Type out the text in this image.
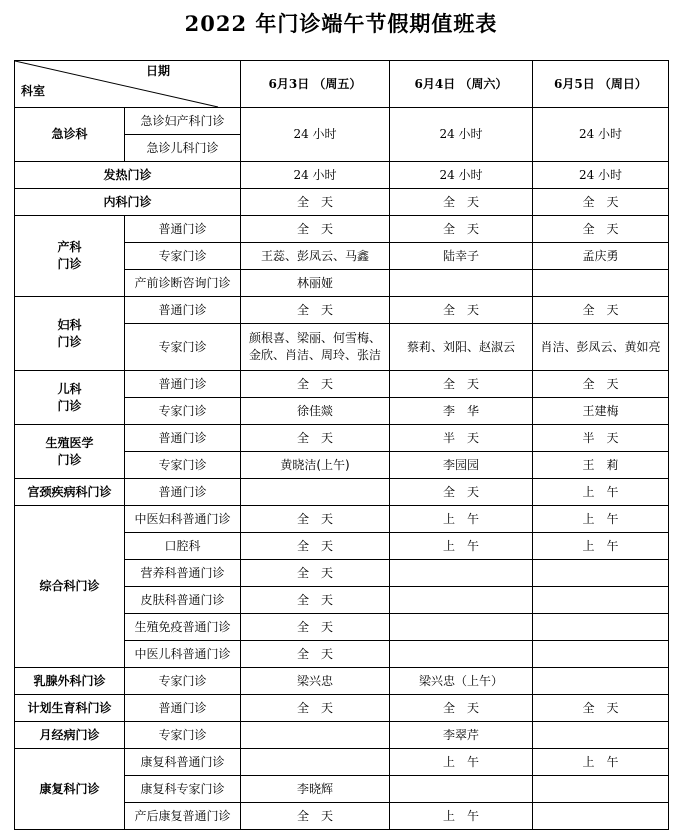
2022 年门诊端午节假期值班表
日期
科室		6月3日 （周五）	6月4日 （周六）	6月5日 （周日）
急诊科	急诊妇产科门诊	24 小时	24 小时	24 小时
	急诊儿科门诊			
发热门诊		24 小时	24 小时	24 小时
内科门诊		全　天	全　天	全　天

产科
门诊	普通门诊	全　天	全　天	全　天
	专家门诊	王蕊、彭凤云、马鑫	陆幸子	孟庆勇
	产前诊断咨询门诊	林丽娅		

妇科
门诊	普通门诊	全　天	全　天	全　天
	专家门诊	颜根喜、梁丽、何雪梅、
金欣、肖洁、周玲、张洁	蔡莉、刘阳、赵淑云	肖洁、彭凤云、黄如亮

儿科
门诊	普通门诊	全　天	全　天	全　天
	专家门诊	徐佳燚	李　华	王建梅

生殖医学
门诊	普通门诊	全　天	半　天	半　天
	专家门诊	黄晓洁(上午)	李园园	王　莉
宫颈疾病科门诊	普通门诊		全　天	上　午
综合科门诊	中医妇科普通门诊	全　天	上　午	上　午
	口腔科	全　天	上　午	上　午
	营养科普通门诊	全　天		
	皮肤科普通门诊	全　天		
	生殖免疫普通门诊	全　天		
	中医儿科普通门诊	全　天		
乳腺外科门诊	专家门诊	梁兴忠	梁兴忠（上午）	
计划生育科门诊	普通门诊	全　天	全　天	全　天
月经病门诊	专家门诊		李翠芹	
康复科门诊	康复科普通门诊		上　午	上　午
	康复科专家门诊	李晓辉		
	产后康复普通门诊	全　天	上　午	
